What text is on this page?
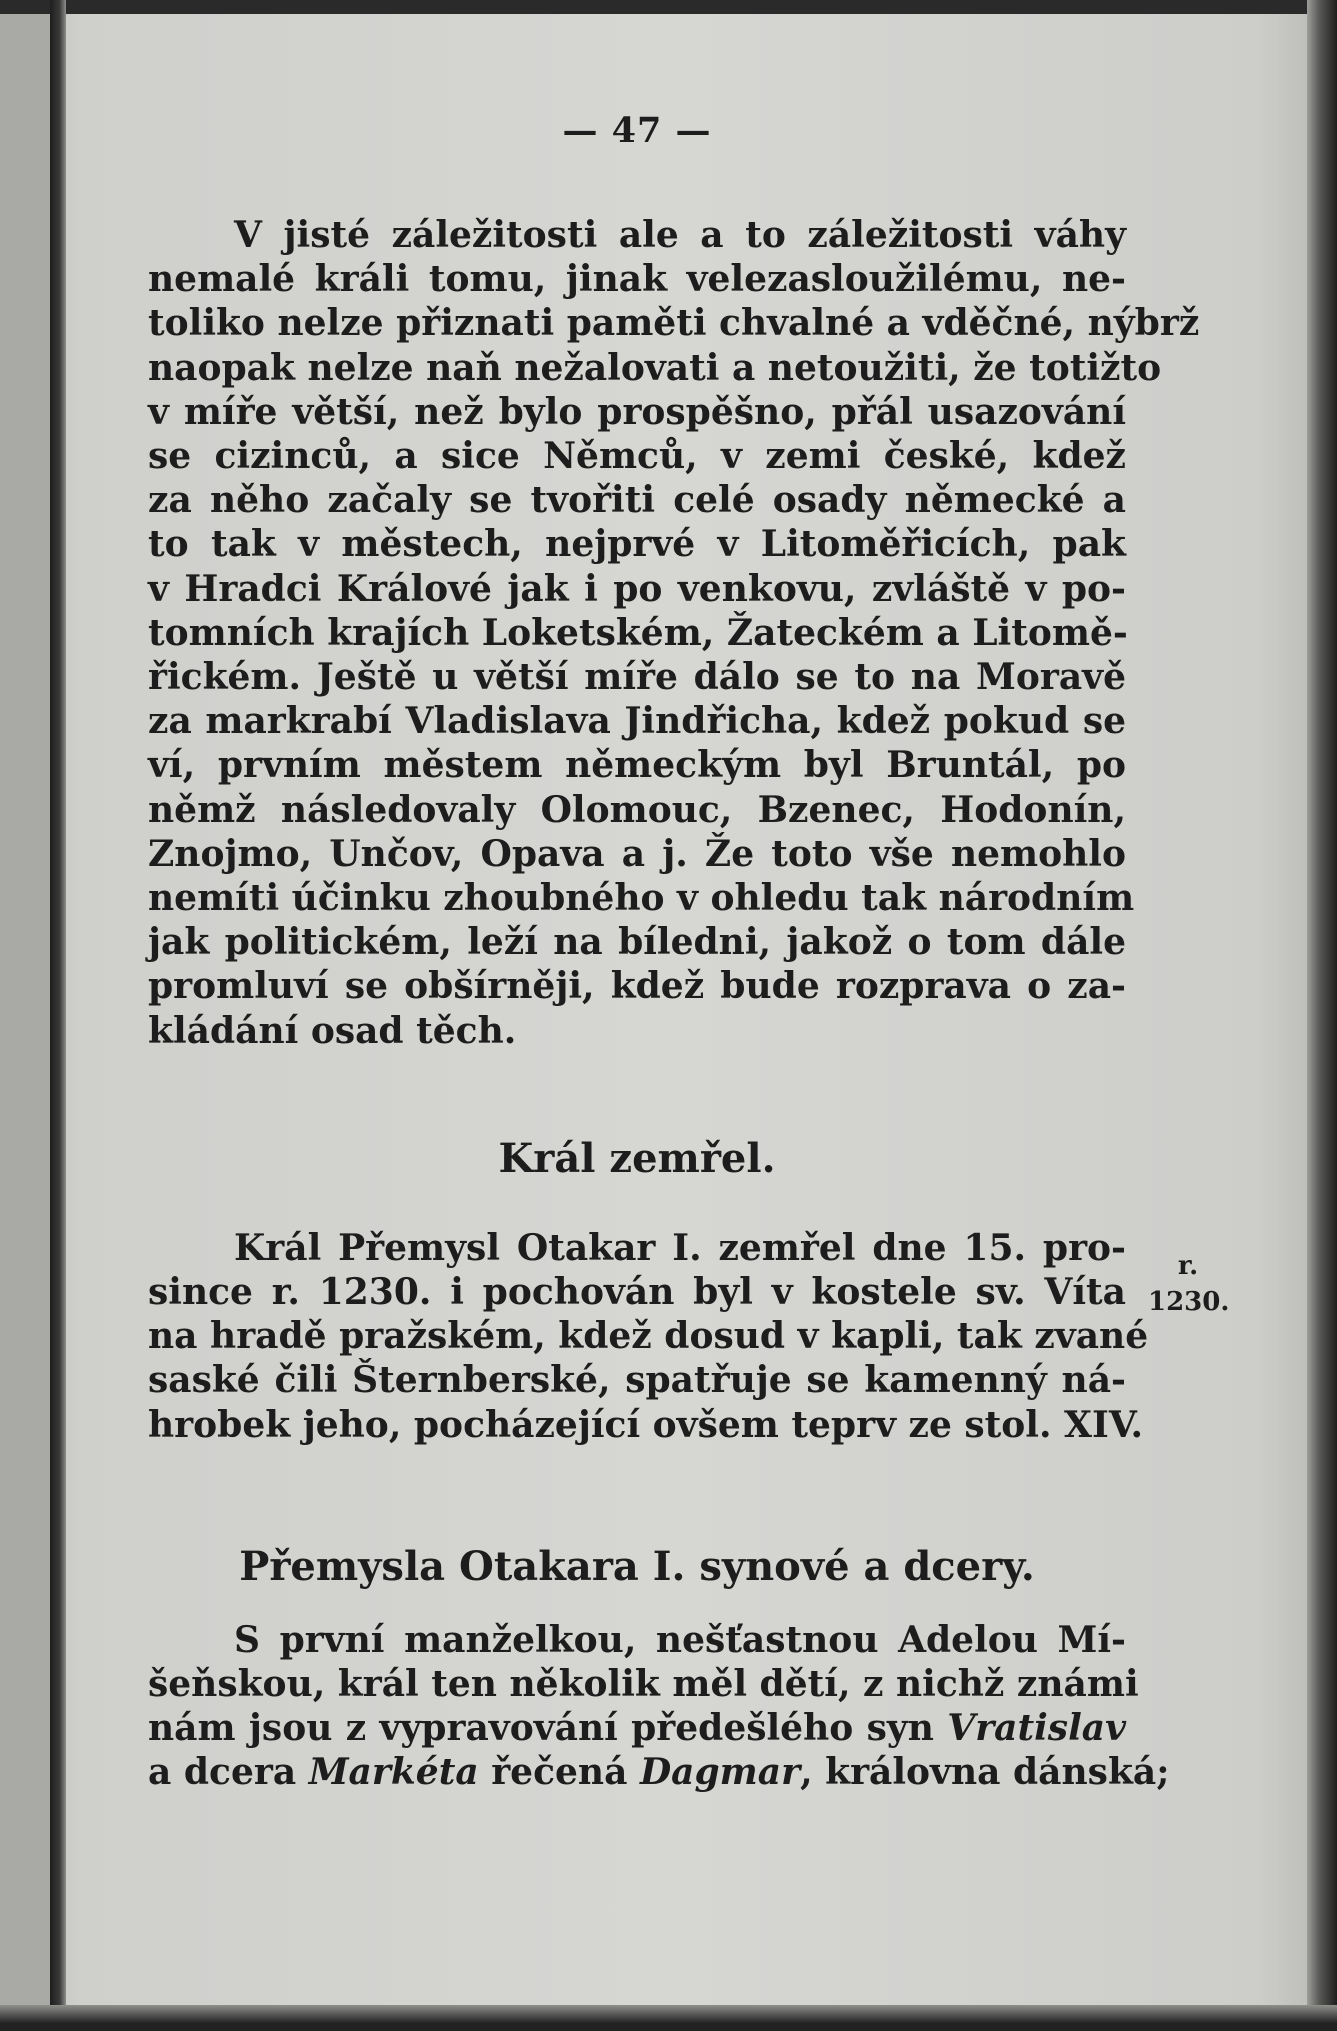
— 47 —
V jisté záležitosti ale a to záležitosti váhy
nemalé králi tomu, jinak velezasloužilému, ne-
toliko nelze přiznati paměti chvalné a vděčné, nýbrž
naopak nelze naň nežalovati a netoužiti, že totižto
v míře větší, než bylo prospěšno, přál usazování
se cizinců, a sice Němců, v zemi české, kdež
za něho začaly se tvořiti celé osady německé a
to tak v městech, nejprvé v Litoměřicích, pak
v Hradci Králové jak i po venkovu, zvláště v po-
tomních krajích Loketském, Žateckém a Litomě-
řickém. Ještě u větší míře dálo se to na Moravě
za markrabí Vladislava Jindřicha, kdež pokud se
ví, prvním městem německým byl Bruntál, po
němž následovaly Olomouc, Bzenec, Hodonín,
Znojmo, Unčov, Opava a j. Že toto vše nemohlo
nemíti účinku zhoubného v ohledu tak národním
jak politickém, leží na bíledni, jakož o tom dále
promluví se obšírněji, kdež bude rozprava o za-
kládání osad těch.
Král zemřel.
Král Přemysl Otakar I. zemřel dne 15. pro-
since r. 1230. i pochován byl v kostele sv. Víta
na hradě pražském, kdež dosud v kapli, tak zvané
saské čili Šternberské, spatřuje se kamenný ná-
hrobek jeho, pocházející ovšem teprv ze stol. XIV.
Přemysla Otakara I. synové a dcery.
S první manželkou, nešťastnou Adelou Mí-
šeňskou, král ten několik měl dětí, z nichž známi
nám jsou z vypravování předešlého syn Vratislav
a dcera Markéta řečená Dagmar, královna dánská;
r.
1230.
